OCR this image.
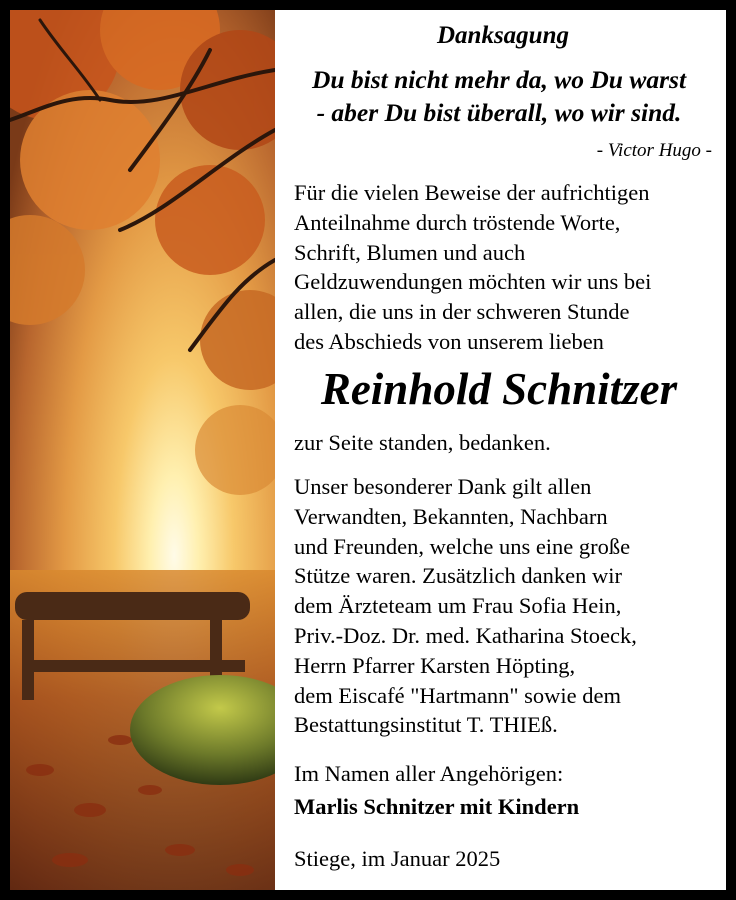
Danksagung
Du bist nicht mehr da, wo Du warst
- aber Du bist überall, wo wir sind.
- Victor Hugo -
Für die vielen Beweise der aufrichtigen
Anteilnahme durch tröstende Worte,
Schrift, Blumen und auch
Geldzuwendungen möchten wir uns bei
allen, die uns in der schweren Stunde
des Abschieds von unserem lieben
Reinhold Schnitzer
zur Seite standen, bedanken.
Unser besonderer Dank gilt allen
Verwandten, Bekannten, Nachbarn
und Freunden, welche uns eine große
Stütze waren. Zusätzlich danken wir
dem Ärzteteam um Frau Sofia Hein,
Priv.-Doz. Dr. med. Katharina Stoeck,
Herrn Pfarrer Karsten Höpting,
dem Eiscafé "Hartmann" sowie dem
Bestattungsinstitut T. THIEß.
Im Namen aller Angehörigen:
Marlis Schnitzer mit Kindern
Stiege, im Januar 2025
